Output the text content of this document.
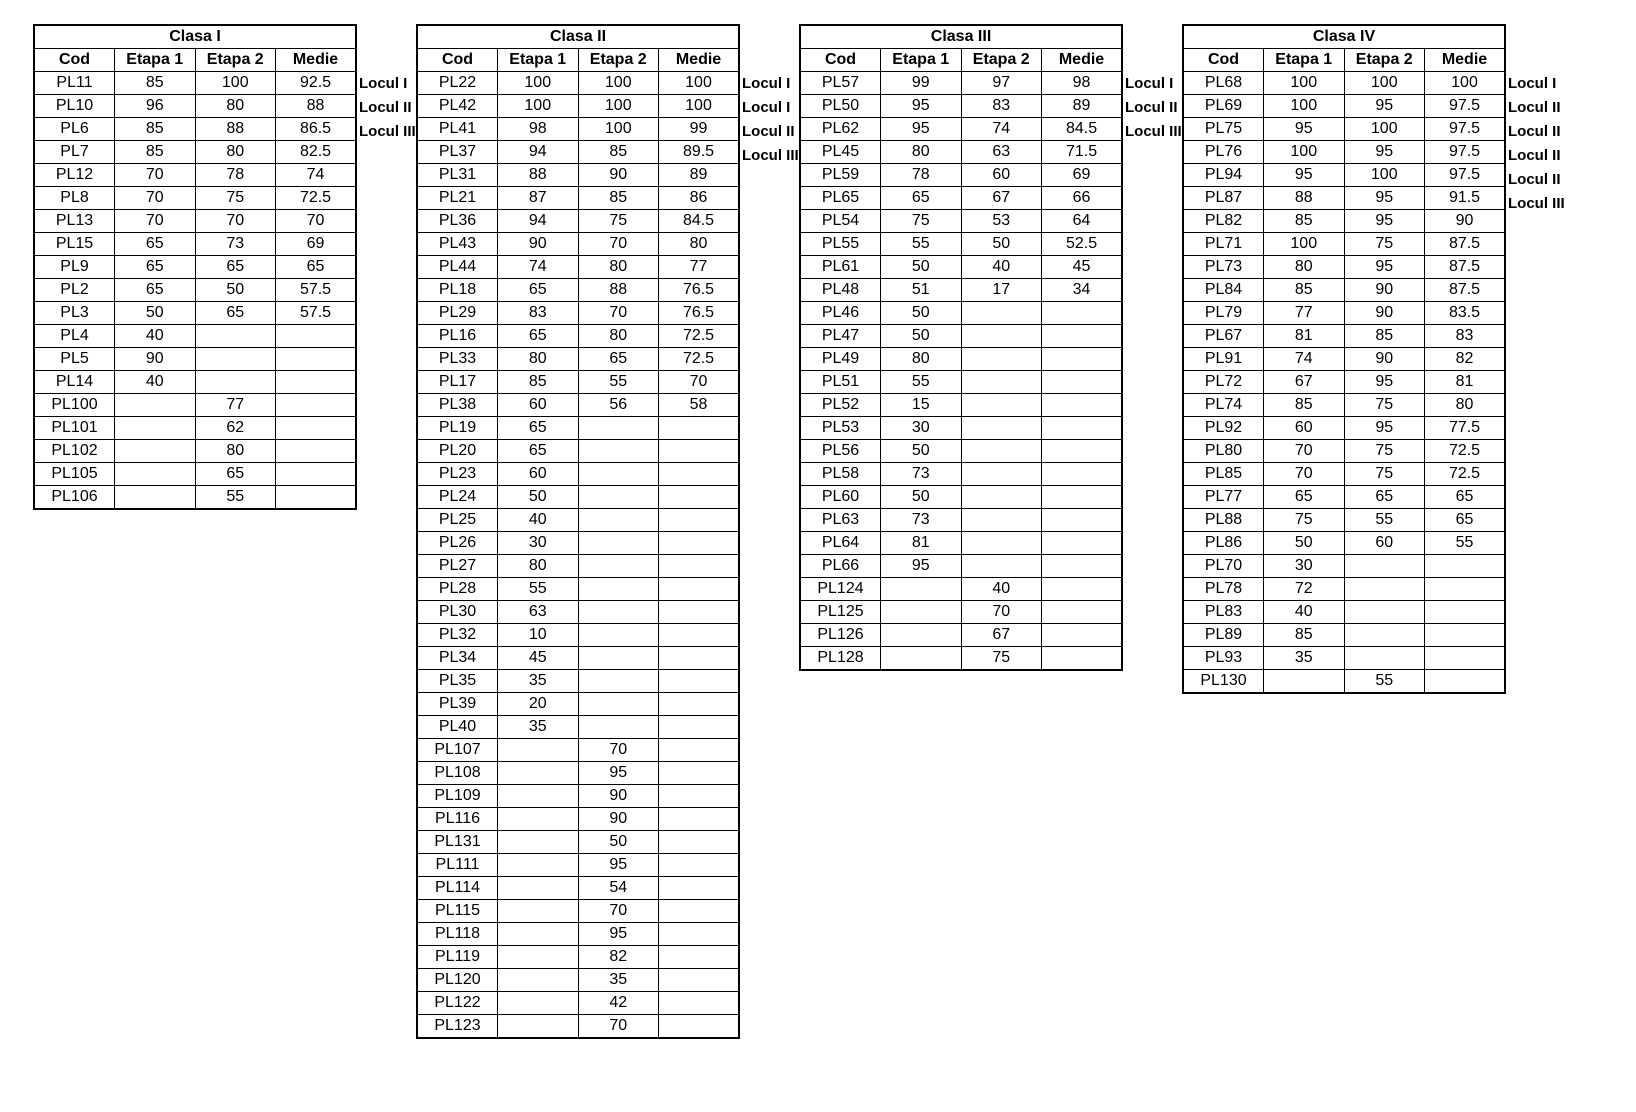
Clasa I			
Cod	Etapa 1	Etapa 2	Medie
PL11	85	100	92.5
PL10	96	80	88
PL6	85	88	86.5
PL7	85	80	82.5
PL12	70	78	74
PL8	70	75	72.5
PL13	70	70	70
PL15	65	73	69
PL9	65	65	65
PL2	65	50	57.5
PL3	50	65	57.5
PL4	40		
PL5	90		
PL14	40		
PL100		77	
PL101		62	
PL102		80	
PL105		65	
PL106		55	
Locul I
Locul II
Locul III
Clasa II			
Cod	Etapa 1	Etapa 2	Medie
PL22	100	100	100
PL42	100	100	100
PL41	98	100	99
PL37	94	85	89.5
PL31	88	90	89
PL21	87	85	86
PL36	94	75	84.5
PL43	90	70	80
PL44	74	80	77
PL18	65	88	76.5
PL29	83	70	76.5
PL16	65	80	72.5
PL33	80	65	72.5
PL17	85	55	70
PL38	60	56	58
PL19	65		
PL20	65		
PL23	60		
PL24	50		
PL25	40		
PL26	30		
PL27	80		
PL28	55		
PL30	63		
PL32	10		
PL34	45		
PL35	35		
PL39	20		
PL40	35		
PL107		70	
PL108		95	
PL109		90	
PL116		90	
PL131		50	
PL111		95	
PL114		54	
PL115		70	
PL118		95	
PL119		82	
PL120		35	
PL122		42	
PL123		70	
Locul I
Locul I
Locul II
Locul III
Clasa III			
Cod	Etapa 1	Etapa 2	Medie
PL57	99	97	98
PL50	95	83	89
PL62	95	74	84.5
PL45	80	63	71.5
PL59	78	60	69
PL65	65	67	66
PL54	75	53	64
PL55	55	50	52.5
PL61	50	40	45
PL48	51	17	34
PL46	50		
PL47	50		
PL49	80		
PL51	55		
PL52	15		
PL53	30		
PL56	50		
PL58	73		
PL60	50		
PL63	73		
PL64	81		
PL66	95		
PL124		40	
PL125		70	
PL126		67	
PL128		75	
Locul I
Locul II
Locul III
Clasa IV			
Cod	Etapa 1	Etapa 2	Medie
PL68	100	100	100
PL69	100	95	97.5
PL75	95	100	97.5
PL76	100	95	97.5
PL94	95	100	97.5
PL87	88	95	91.5
PL82	85	95	90
PL71	100	75	87.5
PL73	80	95	87.5
PL84	85	90	87.5
PL79	77	90	83.5
PL67	81	85	83
PL91	74	90	82
PL72	67	95	81
PL74	85	75	80
PL92	60	95	77.5
PL80	70	75	72.5
PL85	70	75	72.5
PL77	65	65	65
PL88	75	55	65
PL86	50	60	55
PL70	30		
PL78	72		
PL83	40		
PL89	85		
PL93	35		
PL130		55	
Locul I
Locul II
Locul II
Locul II
Locul II
Locul III
